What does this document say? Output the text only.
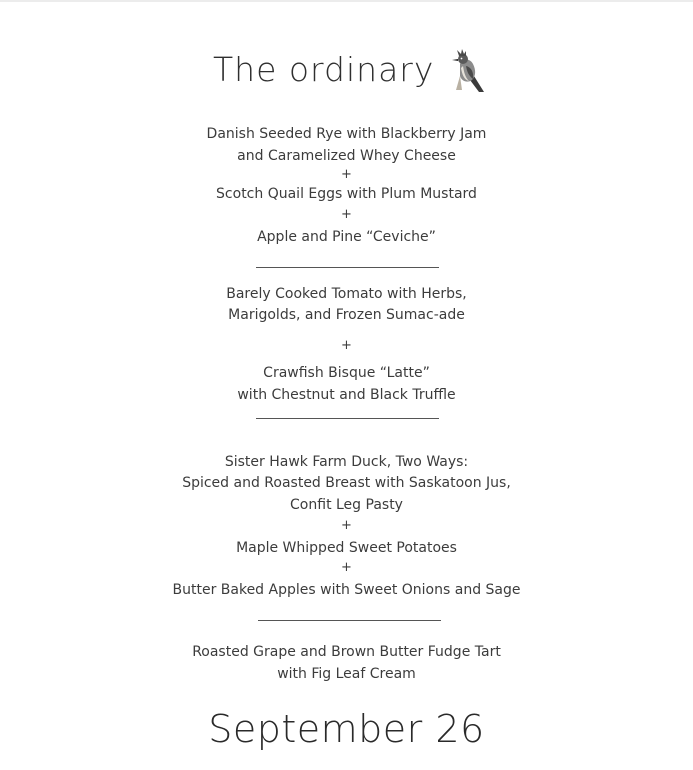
The ordinary
Danish Seeded Rye with Blackberry Jam
and Caramelized Whey Cheese
+
Scotch Quail Eggs with Plum Mustard
+
Apple and Pine “Ceviche”
Barely Cooked Tomato with Herbs,
Marigolds, and Frozen Sumac-ade
+
Crawfish Bisque “Latte”
with Chestnut and Black Truffle
Sister Hawk Farm Duck, Two Ways:
Spiced and Roasted Breast with Saskatoon Jus,
Confit Leg Pasty
+
Maple Whipped Sweet Potatoes
+
Butter Baked Apples with Sweet Onions and Sage
Roasted Grape and Brown Butter Fudge Tart
with Fig Leaf Cream
September 26
